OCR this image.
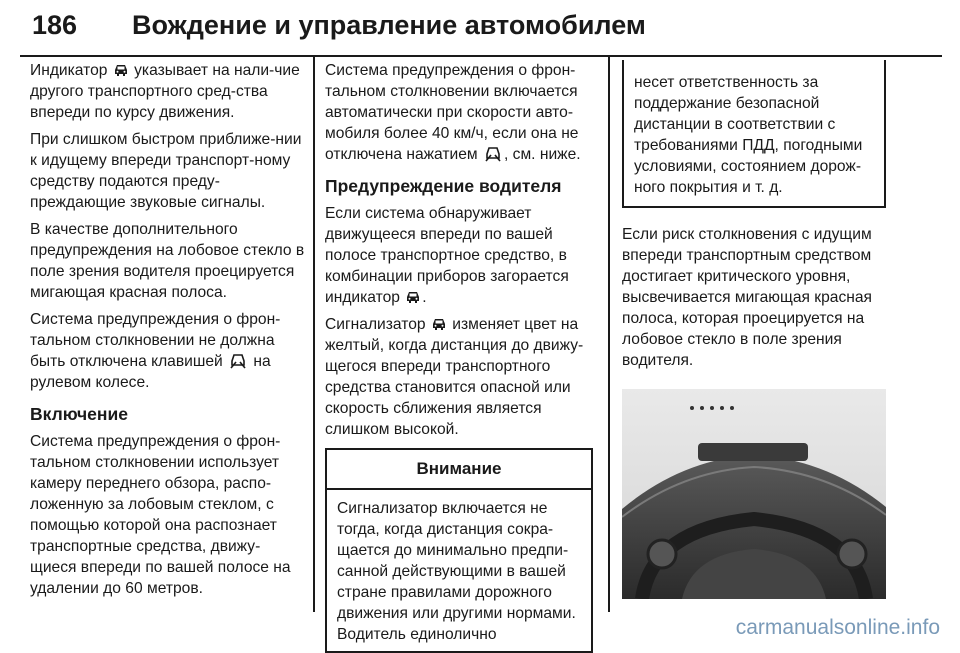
186 Вождение и управление автомобилем

Индикатор указывает на нали-чие другого транспортного сред-ства впереди по курсу движения.

При слишком быстром приближе-нии к идущему впереди транспорт-ному средству подаются преду-преждающие звуковые сигналы.

В качестве дополнительного предупреждения на лобовое стекло в поле зрения водителя проецируется мигающая красная полоса.

Система предупреждения о фрон-тальном столкновении не должна быть отключена клавишей на рулевом колесе.

Включение

Система предупреждения о фрон-тальном столкновении использует камеру переднего обзора, распо-ложенную за лобовым стеклом, с помощью которой она распознает транспортные средства, движу-щиеся впереди по вашей полосе на удалении до 60 метров.

Система предупреждения о фрон-тальном столкновении включается автоматически при скорости авто-мобиля более 40 км/ч, если она не отключена нажатием , см. ниже.

Предупреждение водителя

Если система обнаруживает движущееся впереди по вашей полосе транспортное средство, в комбинации приборов загорается индикатор .

Сигнализатор изменяет цвет на желтый, когда дистанция до движу-щегося впереди транспортного средства становится опасной или скорость сближения является слишком высокой.

Внимание
Сигнализатор включается не тогда, когда дистанция сокра-щается до минимально предпи-санной действующими в вашей стране правилами дорожного движения или другими нормами. Водитель единолично
несет ответственность за поддержание безопасной дистанции в соответствии с требованиями ПДД, погодными условиями, состоянием дорож-ного покрытия и т. д.

Если риск столкновения с идущим впереди транспортным средством достигает критического уровня, высвечивается мигающая красная полоса, которая проецируется на лобовое стекло в поле зрения водителя.

carmanualsonline.info
